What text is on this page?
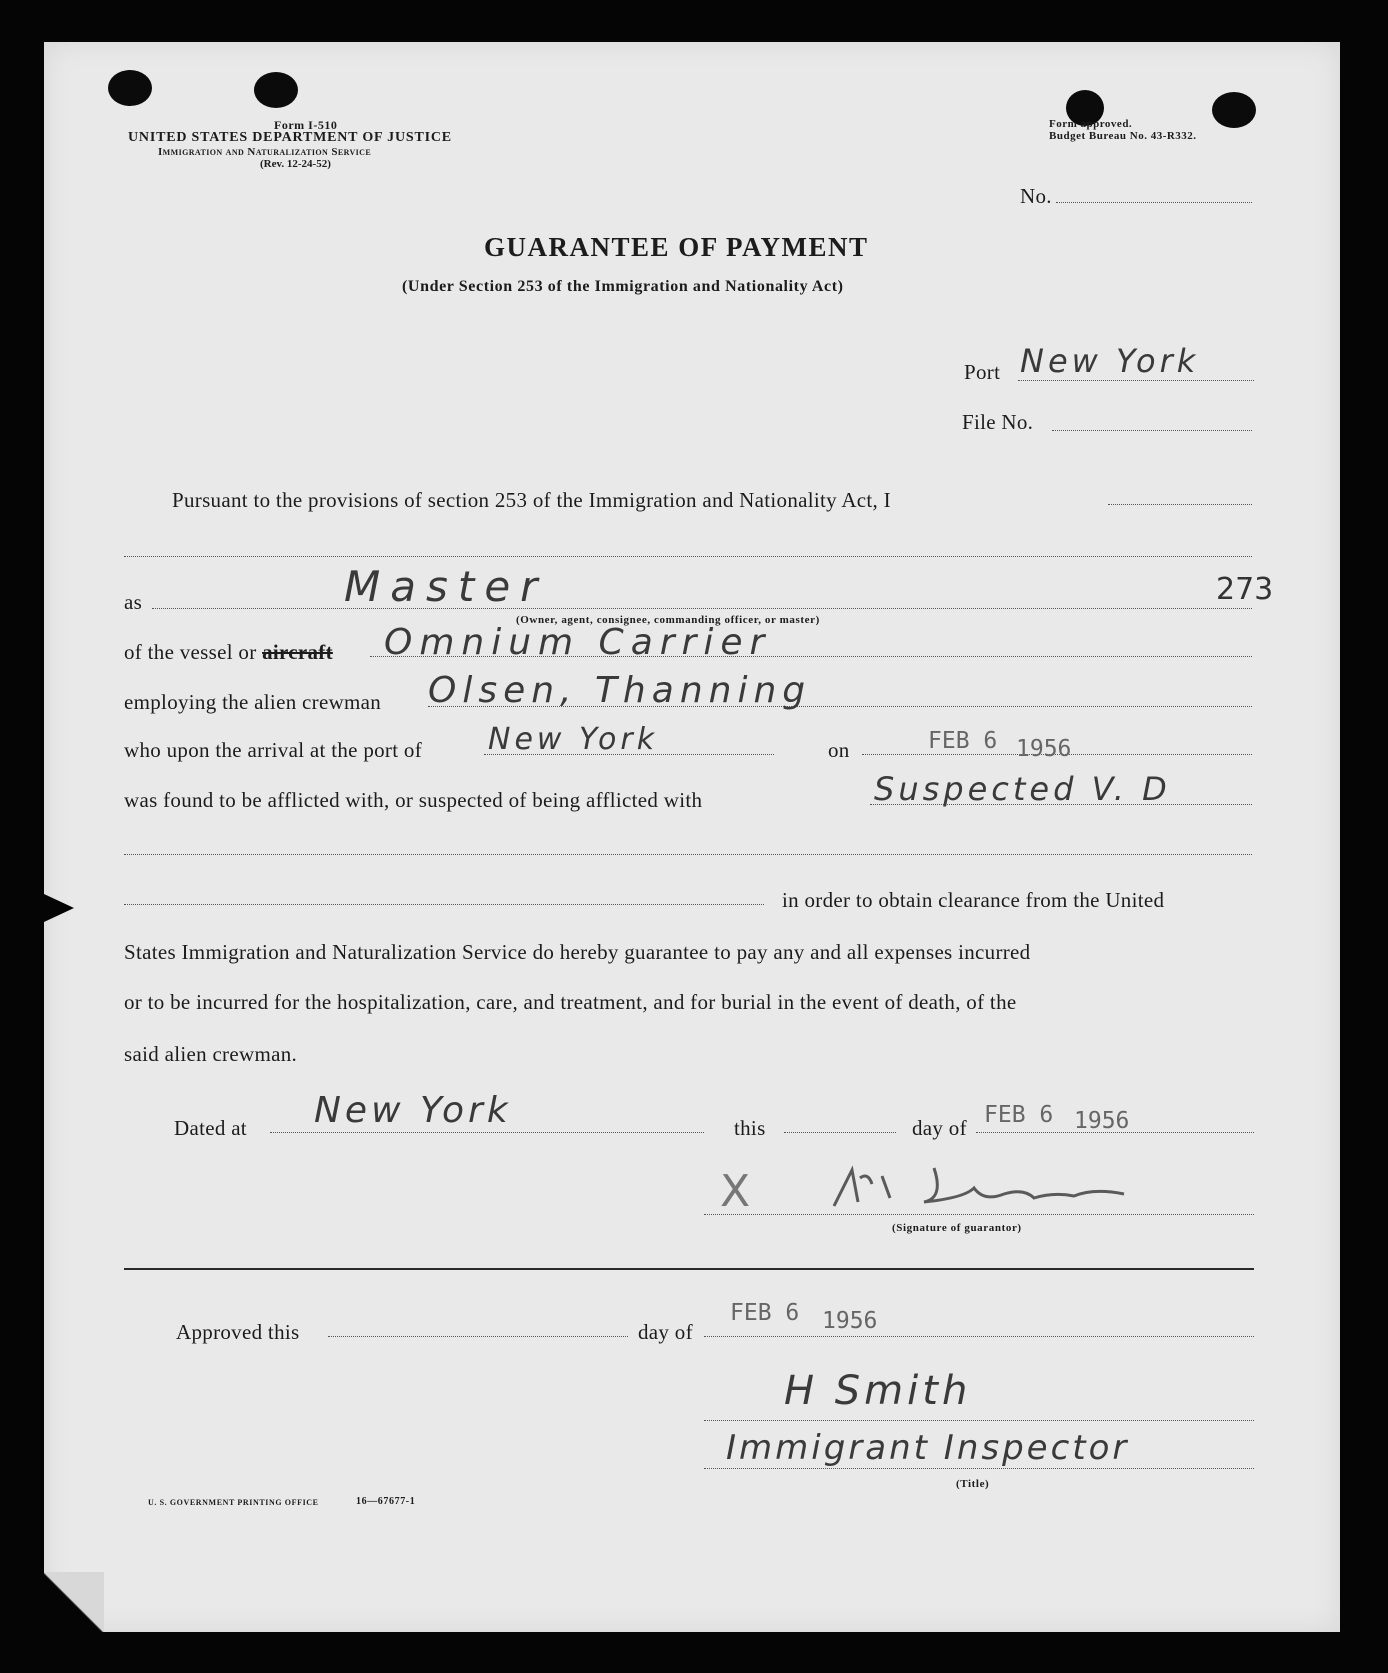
Form I-510
UNITED STATES DEPARTMENT OF JUSTICE
Immigration and Naturalization Service
(Rev. 12-24-52)
Form approved.
Budget Bureau No. 43-R332.
No.
GUARANTEE OF PAYMENT
(Under Section 253 of the Immigration and Nationality Act)
Port New York
File No.
Pursuant to the provisions of section 253 of the Immigration and Nationality Act, I
as	Master
(Owner, agent, consignee, commanding officer, or master)
273
of the vessel or aircraft Omnium Carrier
employing the alien crewman Olsen, Thanning
who upon the arrival at the port of New York	on	FEB 6 1956
was found to be afflicted with, or suspected of being afflicted with	Suspected V. D
in order to obtain clearance from the United
States Immigration and Naturalization Service do hereby guarantee to pay any and all expenses incurred
or to be incurred for the hospitalization, care, and treatment, and for burial in the event of death, of the
said alien crewman.
Dated at New York	this	day of FEB 6 1956
X
(Signature of guarantor)
Approved this	day of
FEB 6 1956
H Smith
Immigrant Inspector
(Title)
U. S. GOVERNMENT PRINTING OFFICE	16—67677-1
